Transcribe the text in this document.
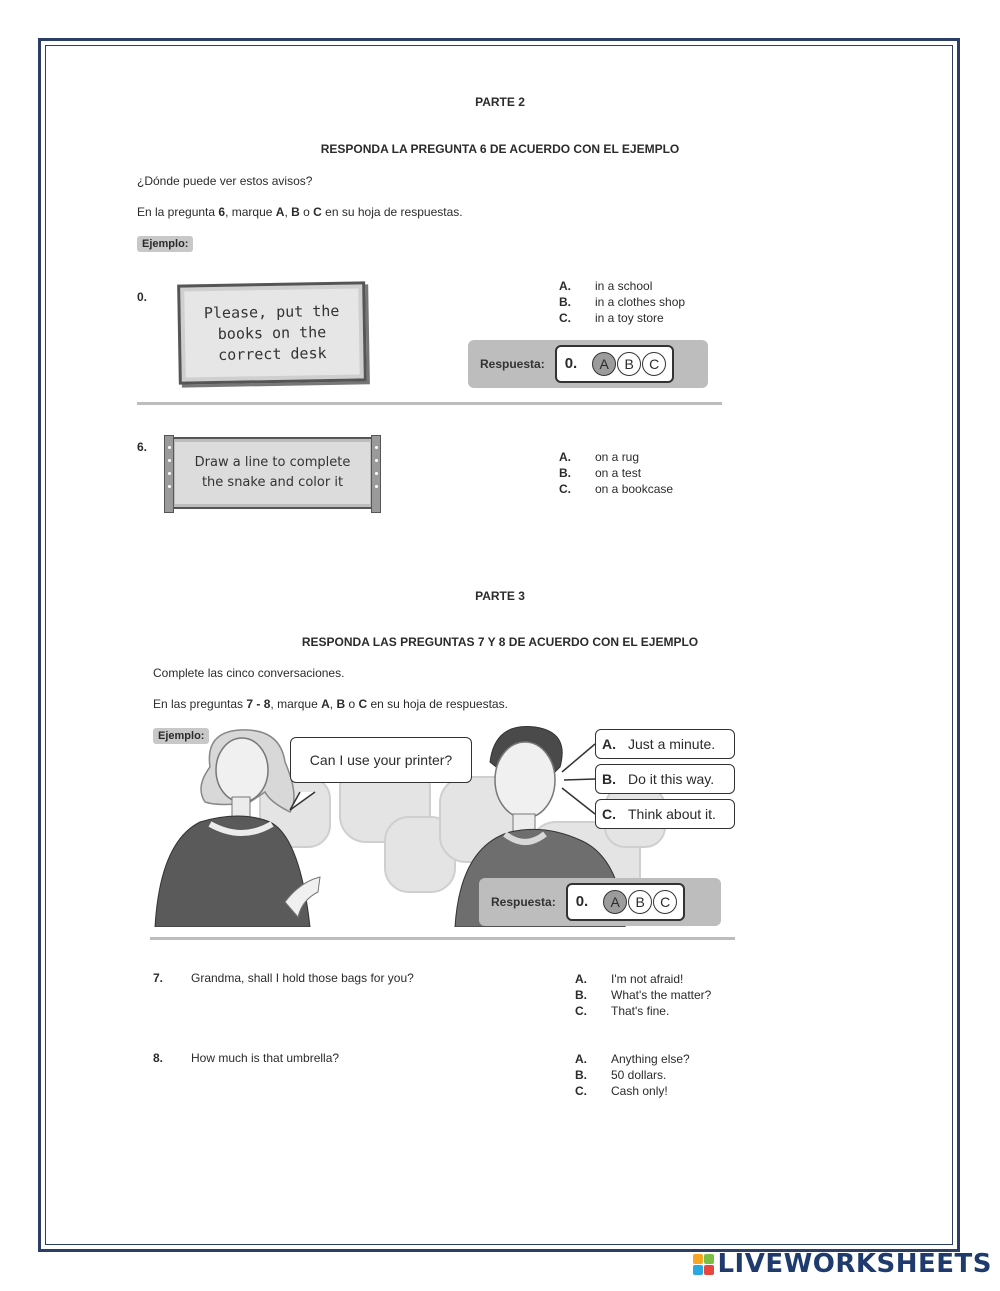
PARTE 2
RESPONDA LA PREGUNTA 6 DE ACUERDO CON EL EJEMPLO
¿Dónde puede ver estos avisos?
En la pregunta 6, marque A, B o C en su hoja de respuestas.
Ejemplo:
0.
Please, put the
books on the
correct desk
A.	in a school
B.	in a clothes shop
C.	in a toy store
Respuesta:	0.	A	B	C
6.
Draw a line to complete
the snake and color it
A.	on a rug
B.	on a test
C.	on a bookcase
PARTE 3
RESPONDA LAS PREGUNTAS 7 Y 8 DE ACUERDO CON EL EJEMPLO
Complete las cinco conversaciones.
En las preguntas 7 - 8, marque A, B o C en su hoja de respuestas.
Ejemplo:
Can I use your printer?
A. Just a minute.
B. Do it this way.
C. Think about it.
Respuesta:	0.	A	B	C
7. Grandma, shall I hold those bags for you?	A.	I'm not afraid!
B.	What's the matter?
C.	That's fine.
8. How much is that umbrella?	A.	Anything else?
B.	50 dollars.
C.	Cash only!
LIVEWORKSHEETS
